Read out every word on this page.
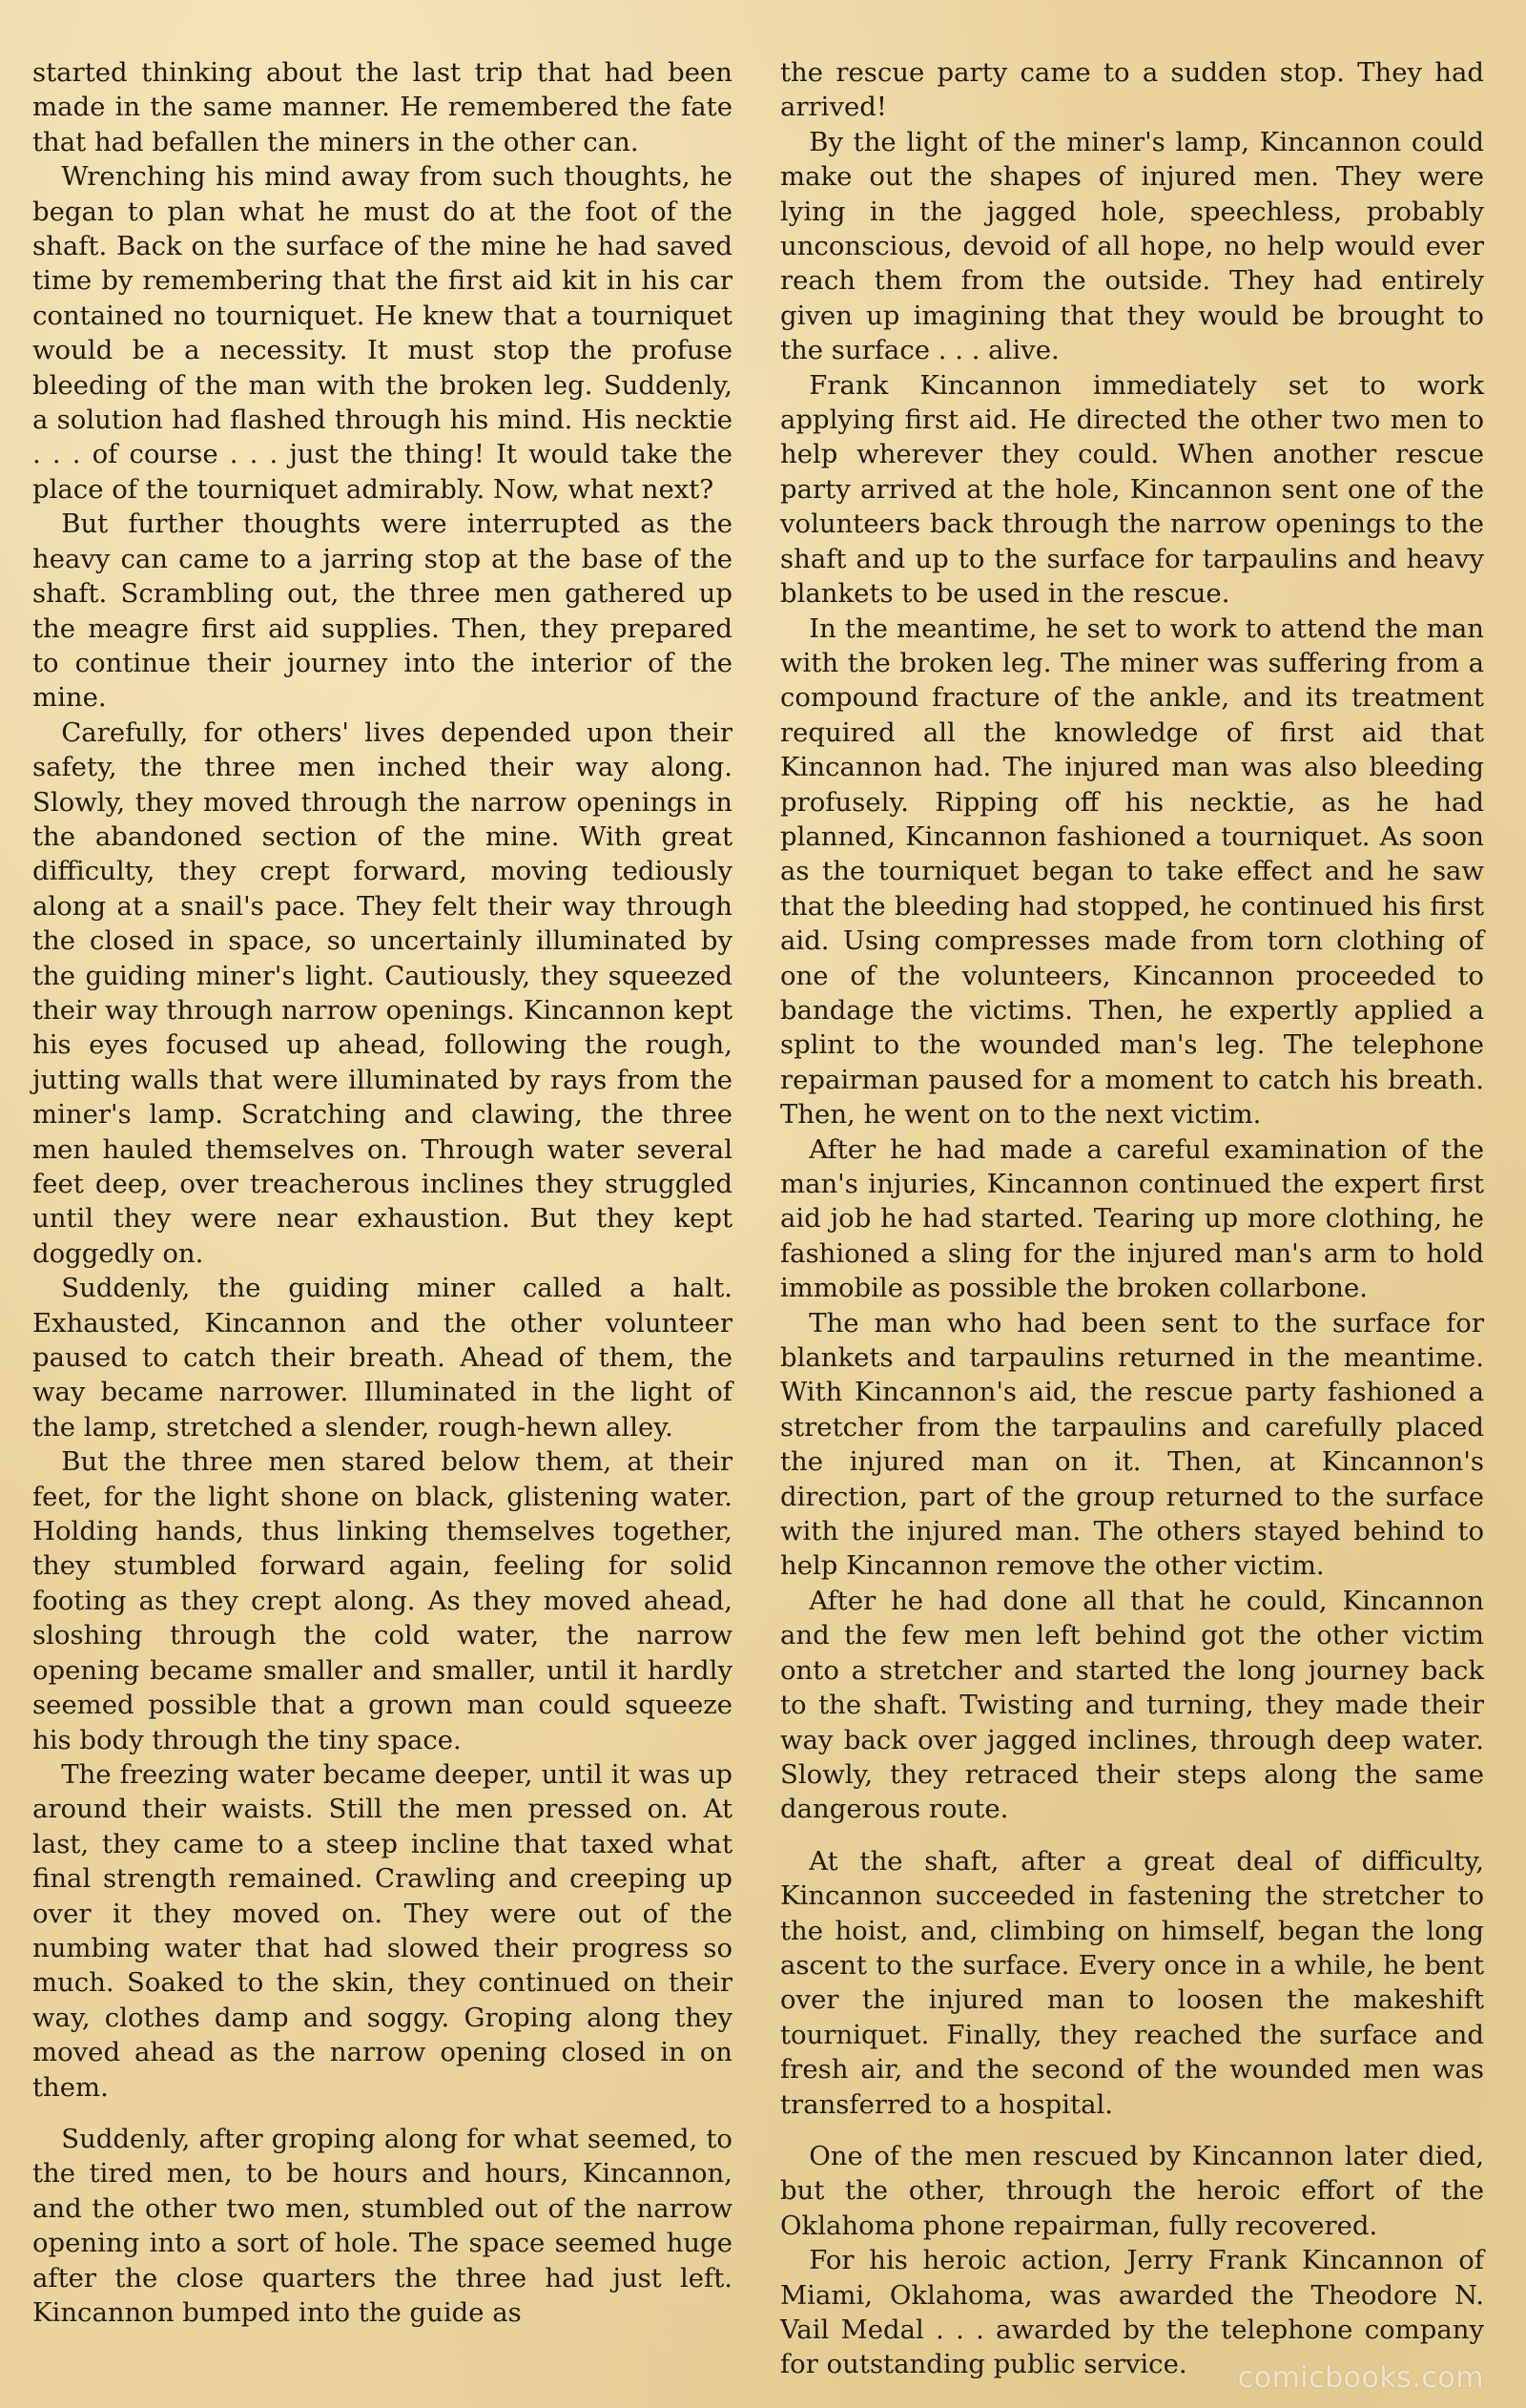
started thinking about the last trip that had been made in the same manner. He remembered the fate that had befallen the miners in the other can.

Wrenching his mind away from such thoughts, he began to plan what he must do at the foot of the shaft. Back on the surface of the mine he had saved time by remembering that the first aid kit in his car contained no tourniquet. He knew that a tourniquet would be a necessity. It must stop the profuse bleeding of the man with the broken leg. Suddenly, a solution had flashed through his mind. His necktie . . . of course . . . just the thing! It would take the place of the tourniquet admirably. Now, what next?

But further thoughts were interrupted as the heavy can came to a jarring stop at the base of the shaft. Scrambling out, the three men gathered up the meagre first aid supplies. Then, they prepared to continue their journey into the interior of the mine.

Carefully, for others' lives depended upon their safety, the three men inched their way along. Slowly, they moved through the narrow openings in the abandoned section of the mine. With great difficulty, they crept forward, moving tediously along at a snail's pace. They felt their way through the closed in space, so uncertainly illuminated by the guiding miner's light. Cautiously, they squeezed their way through narrow openings. Kincannon kept his eyes focused up ahead, following the rough, jutting walls that were illuminated by rays from the miner's lamp. Scratching and clawing, the three men hauled themselves on. Through water several feet deep, over treacherous inclines they struggled until they were near exhaustion. But they kept doggedly on.

Suddenly, the guiding miner called a halt. Exhausted, Kincannon and the other volunteer paused to catch their breath. Ahead of them, the way became narrower. Illuminated in the light of the lamp, stretched a slender, rough-hewn alley.

But the three men stared below them, at their feet, for the light shone on black, glistening water. Holding hands, thus linking themselves together, they stumbled forward again, feeling for solid footing as they crept along. As they moved ahead, sloshing through the cold water, the narrow opening became smaller and smaller, until it hardly seemed possible that a grown man could squeeze his body through the tiny space.

The freezing water became deeper, until it was up around their waists. Still the men pressed on. At last, they came to a steep incline that taxed what final strength remained. Crawling and creeping up over it they moved on. They were out of the numbing water that had slowed their progress so much. Soaked to the skin, they continued on their way, clothes damp and soggy. Groping along they moved ahead as the narrow opening closed in on them.

Suddenly, after groping along for what seemed, to the tired men, to be hours and hours, Kincannon, and the other two men, stumbled out of the narrow opening into a sort of hole. The space seemed huge after the close quarters the three had just left. Kincannon bumped into the guide as

the rescue party came to a sudden stop. They had arrived!

By the light of the miner's lamp, Kincannon could make out the shapes of injured men. They were lying in the jagged hole, speechless, probably unconscious, devoid of all hope, no help would ever reach them from the outside. They had entirely given up imagining that they would be brought to the surface . . . alive.

Frank Kincannon immediately set to work applying first aid. He directed the other two men to help wherever they could. When another rescue party arrived at the hole, Kincannon sent one of the volunteers back through the narrow openings to the shaft and up to the surface for tarpaulins and heavy blankets to be used in the rescue.

In the meantime, he set to work to attend the man with the broken leg. The miner was suffering from a compound fracture of the ankle, and its treatment required all the knowledge of first aid that Kincannon had. The injured man was also bleeding profusely. Ripping off his necktie, as he had planned, Kincannon fashioned a tourniquet. As soon as the tourniquet began to take effect and he saw that the bleeding had stopped, he continued his first aid. Using compresses made from torn clothing of one of the volunteers, Kincannon proceeded to bandage the victims. Then, he expertly applied a splint to the wounded man's leg. The telephone repairman paused for a moment to catch his breath. Then, he went on to the next victim.

After he had made a careful examination of the man's injuries, Kincannon continued the expert first aid job he had started. Tearing up more clothing, he fashioned a sling for the injured man's arm to hold immobile as possible the broken collarbone.

The man who had been sent to the surface for blankets and tarpaulins returned in the meantime. With Kincannon's aid, the rescue party fashioned a stretcher from the tarpaulins and carefully placed the injured man on it. Then, at Kincannon's direction, part of the group returned to the surface with the injured man. The others stayed behind to help Kincannon remove the other victim.

After he had done all that he could, Kincannon and the few men left behind got the other victim onto a stretcher and started the long journey back to the shaft. Twisting and turning, they made their way back over jagged inclines, through deep water. Slowly, they retraced their steps along the same dangerous route.

At the shaft, after a great deal of difficulty, Kincannon succeeded in fastening the stretcher to the hoist, and, climbing on himself, began the long ascent to the surface. Every once in a while, he bent over the injured man to loosen the makeshift tourniquet. Finally, they reached the surface and fresh air, and the second of the wounded men was transferred to a hospital.

One of the men rescued by Kincannon later died, but the other, through the heroic effort of the Oklahoma phone repairman, fully recovered.

For his heroic action, Jerry Frank Kincannon of Miami, Oklahoma, was awarded the Theodore N. Vail Medal . . . awarded by the telephone company for outstanding public service.	comicbooks.com
